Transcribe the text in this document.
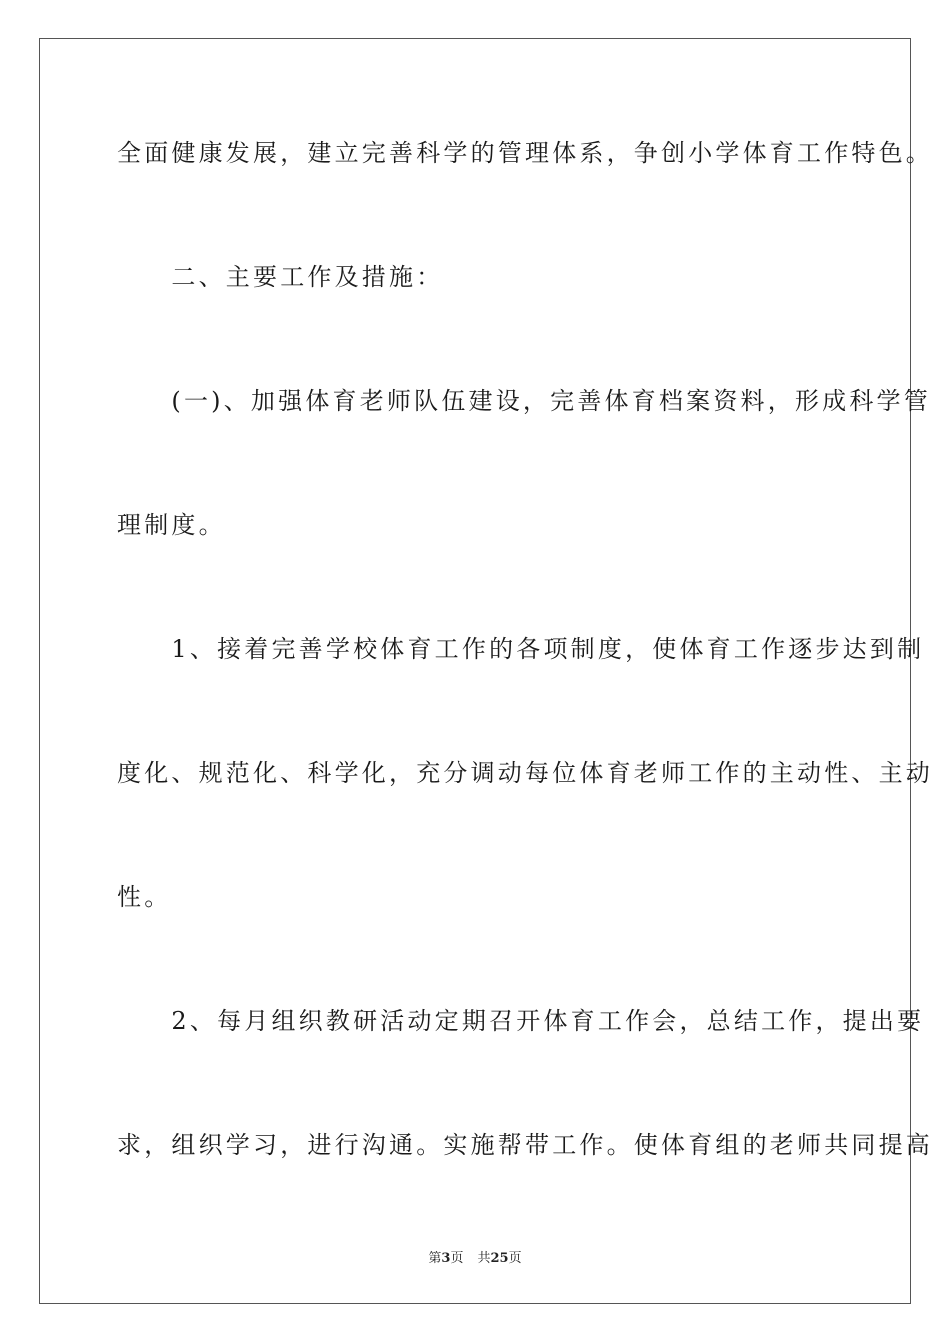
全面健康发展，建立完善科学的管理体系，争创小学体育工作特色。
　　二、主要工作及措施：
　　(一)、加强体育老师队伍建设，完善体育档案资料，形成科学管
理制度。
　　1、接着完善学校体育工作的各项制度，使体育工作逐步达到制
度化、规范化、科学化，充分调动每位体育老师工作的主动性、主动
性。
　　2、每月组织教研活动定期召开体育工作会，总结工作，提出要
求，组织学习，进行沟通。实施帮带工作。使体育组的老师共同提高
第3页 共25页
